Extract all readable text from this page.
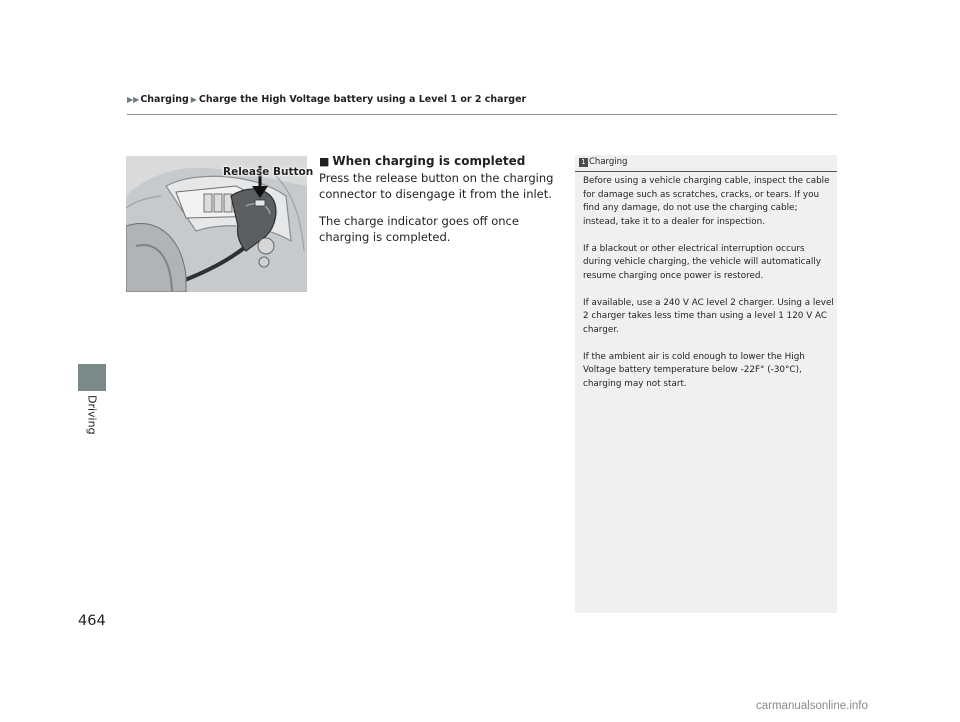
▶▶ Charging ▶ Charge the High Voltage battery using a Level 1 or 2 charger
Driving
464
Release Button
■ When charging is completed

Press the release button on the charging connector to disengage it from the inlet.

The charge indicator goes off once charging is completed.

1 Charging

Before using a vehicle charging cable, inspect the cable for damage such as scratches, cracks, or tears. If you find any damage, do not use the charging cable; instead, take it to a dealer for inspection.

If a blackout or other electrical interruption occurs during vehicle charging, the vehicle will automatically resume charging once power is restored.

If available, use a 240 V AC level 2 charger. Using a level 2 charger takes less time than using a level 1 120 V AC charger.

If the ambient air is cold enough to lower the High Voltage battery temperature below -22F° (-30°C), charging may not start.

carmanualsonline.info
